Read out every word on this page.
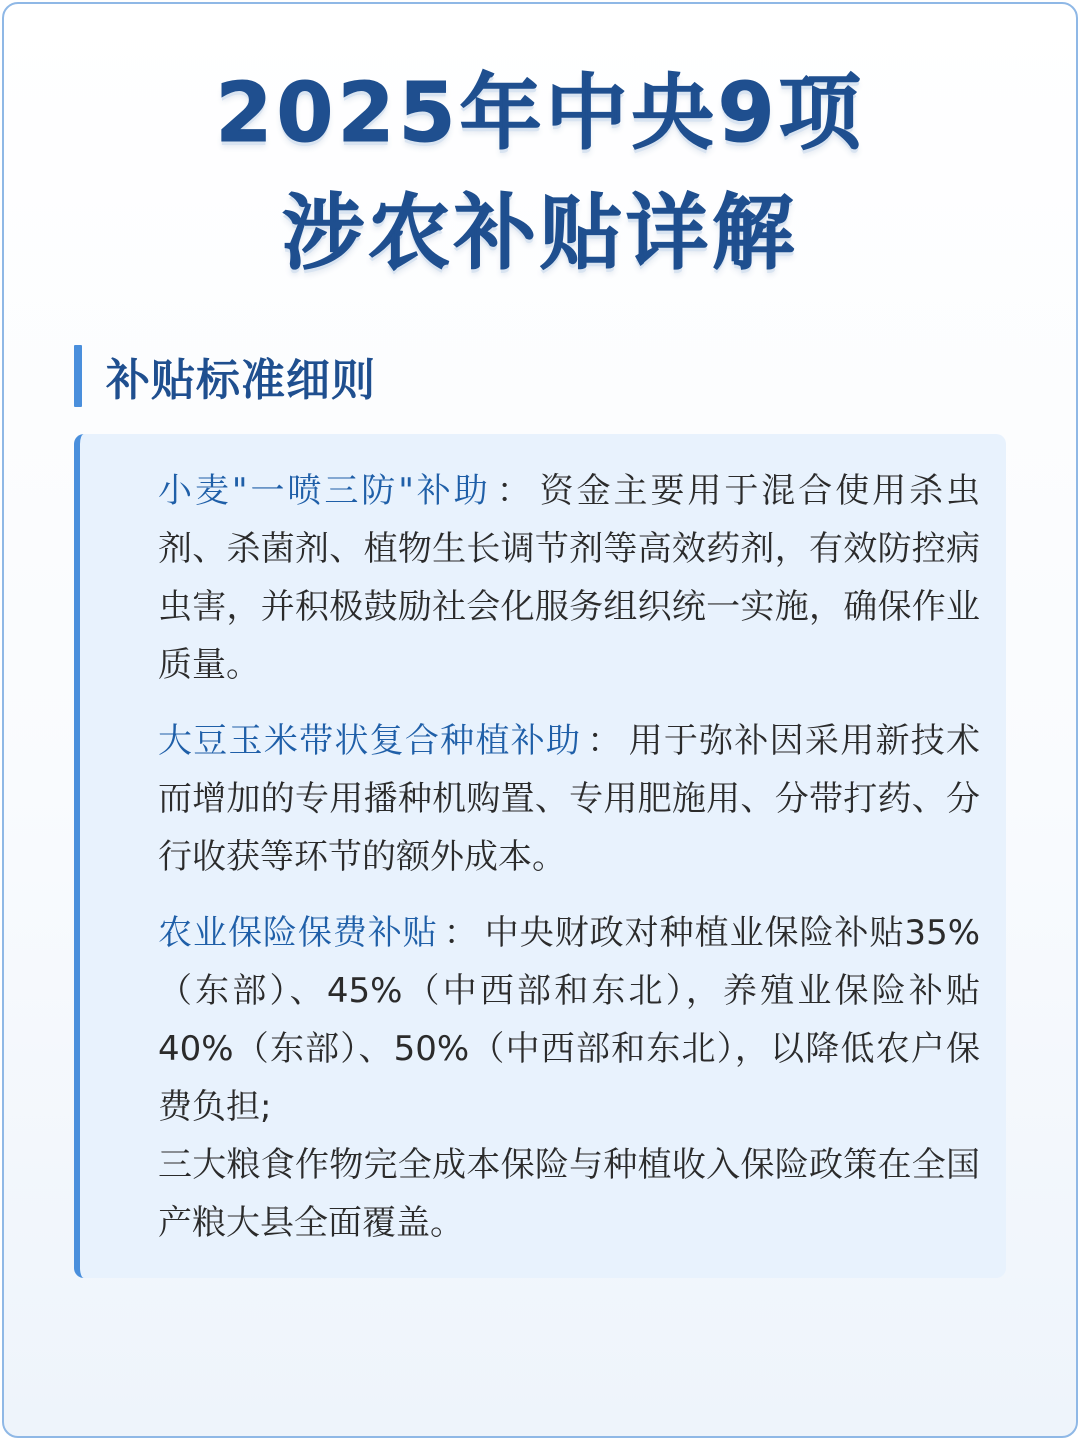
2025年中央9项
涉农补贴详解
补贴标准细则

小麦"一喷三防"补助 ： 资金主要用于混合使用杀虫剂、杀菌剂、植物生长调节剂等高效药剂，有效防控病虫害，并积极鼓励社会化服务组织统一实施，确保作业质量。

大豆玉米带状复合种植补助 ： 用于弥补因采用新技术而增加的专用播种机购置、专用肥施用、分带打药、分行收获等环节的额外成本。

农业保险保费补贴 ： 中央财政对种植业保险补贴35%（东部）、45%（中西部和东北），养殖业保险补贴40%（东部）、50%（中西部和东北），以降低农户保费负担;

三大粮食作物完全成本保险与种植收入保险政策在全国产粮大县全面覆盖。
